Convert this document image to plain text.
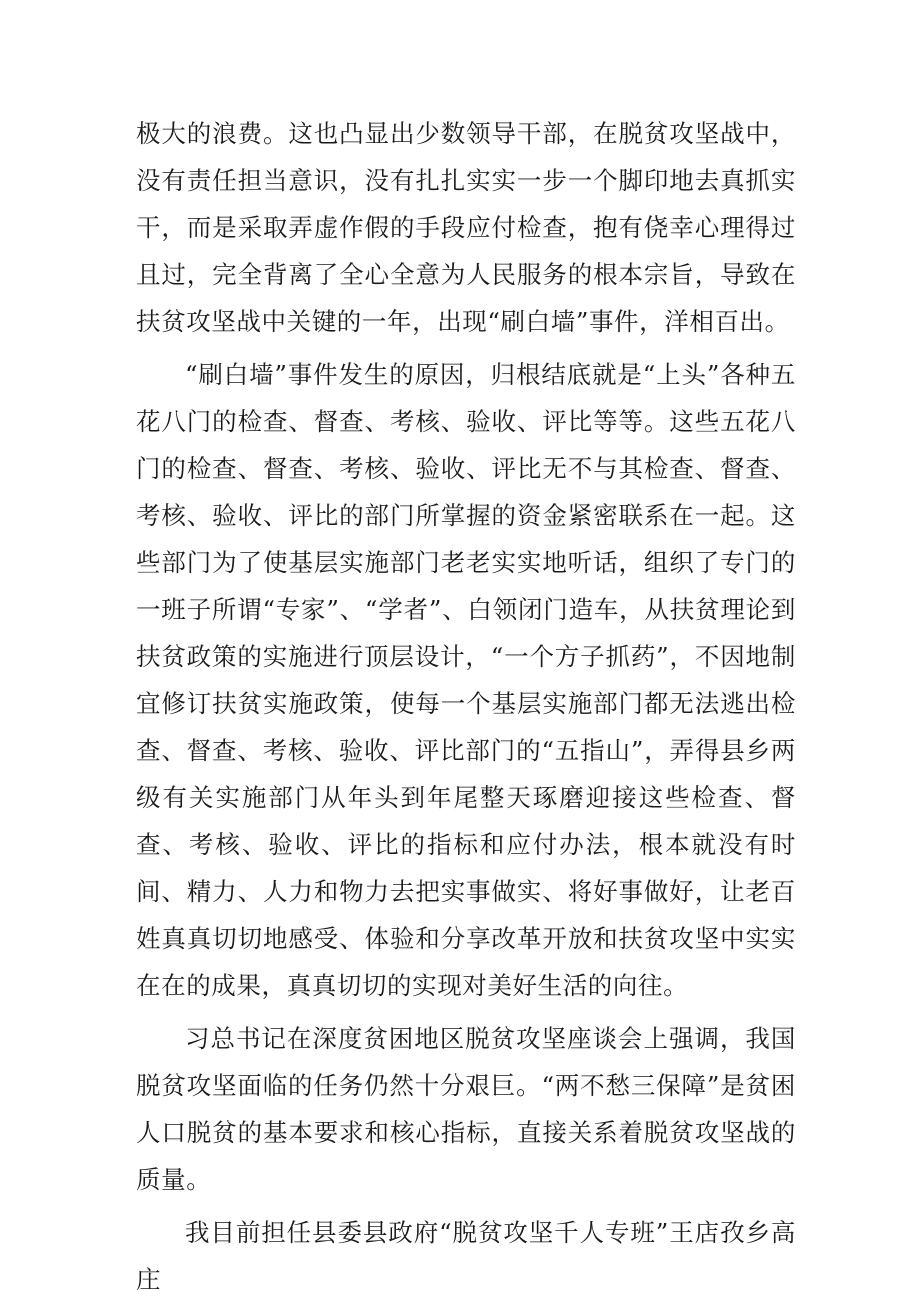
极大的浪费。这也凸显出少数领导干部，在脱贫攻坚战中，没有责任担当意识，没有扎扎实实一步一个脚印地去真抓实干，而是采取弄虚作假的手段应付检查，抱有侥幸心理得过且过，完全背离了全心全意为人民服务的根本宗旨，导致在扶贫攻坚战中关键的一年，出现“刷白墙”事件，洋相百出。

“刷白墙”事件发生的原因，归根结底就是“上头”各种五花八门的检查、督查、考核、验收、评比等等。这些五花八门的检查、督查、考核、验收、评比无不与其检查、督查、考核、验收、评比的部门所掌握的资金紧密联系在一起。这些部门为了使基层实施部门老老实实地听话，组织了专门的一班子所谓“专家”、“学者”、白领闭门造车，从扶贫理论到扶贫政策的实施进行顶层设计，“一个方子抓药”，不因地制宜修订扶贫实施政策，使每一个基层实施部门都无法逃出检查、督查、考核、验收、评比部门的“五指山”，弄得县乡两级有关实施部门从年头到年尾整天琢磨迎接这些检查、督查、考核、验收、评比的指标和应付办法，根本就没有时间、精力、人力和物力去把实事做实、将好事做好，让老百姓真真切切地感受、体验和分享改革开放和扶贫攻坚中实实在在的成果，真真切切的实现对美好生活的向往。

习总书记在深度贫困地区脱贫攻坚座谈会上强调，我国脱贫攻坚面临的任务仍然十分艰巨。“两不愁三保障”是贫困人口脱贫的基本要求和核心指标，直接关系着脱贫攻坚战的质量。

我目前担任县委县政府“脱贫攻坚千人专班”王店孜乡高庄
